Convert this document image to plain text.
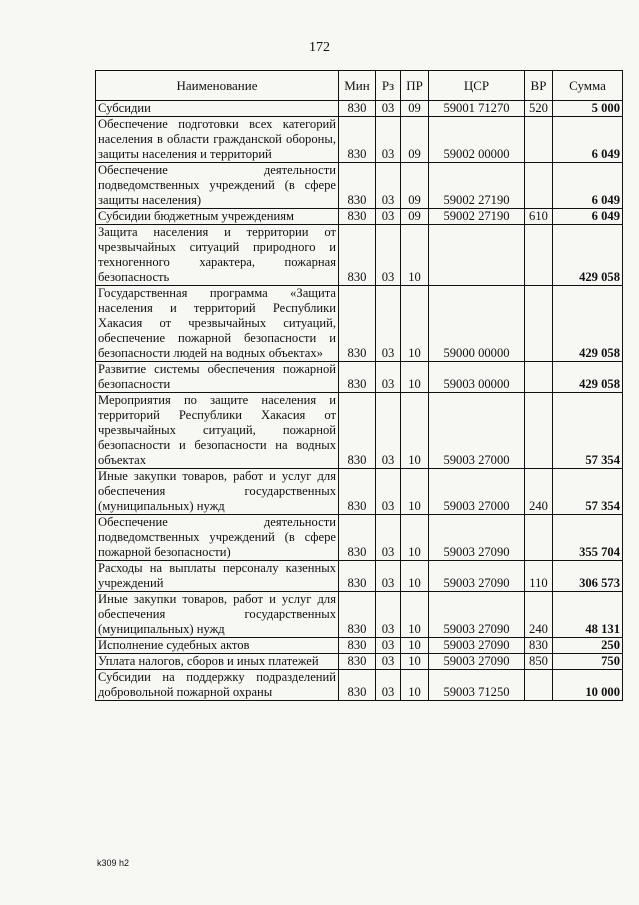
172
Наименование	Мин	Рз	ПР	ЦСР	ВР	Сумма
Субсидии	830	03	09	59001 71270	520	5 000
Обеспечение подготовки всех категорий населения в области гражданской обороны, защиты населения и территорий	830	03	09	59002 00000		6 049
Обеспечение деятельности подведомственных учреждений (в сфере защиты населения)	830	03	09	59002 27190		6 049
Субсидии бюджетным учреждениям	830	03	09	59002 27190	610	6 049
Защита населения и территории от чрезвычайных ситуаций природного и техногенного характера, пожарная безопасность	830	03	10			429 058
Государственная программа «Защита населения и территорий Республики Хакасия от чрезвычайных ситуаций, обеспечение пожарной безопасности и безопасности людей на водных объектах»	830	03	10	59000 00000		429 058
Развитие системы обеспечения пожарной безопасности	830	03	10	59003 00000		429 058
Мероприятия по защите населения и территорий Республики Хакасия от чрезвычайных ситуаций, пожарной безопасности и безопасности на водных объектах	830	03	10	59003 27000		57 354
Иные закупки товаров, работ и услуг для обеспечения государственных (муниципальных) нужд	830	03	10	59003 27000	240	57 354
Обеспечение деятельности подведомственных учреждений (в сфере пожарной безопасности)	830	03	10	59003 27090		355 704
Расходы на выплаты персоналу казенных учреждений	830	03	10	59003 27090	110	306 573
Иные закупки товаров, работ и услуг для обеспечения государственных (муниципальных) нужд	830	03	10	59003 27090	240	48 131
Исполнение судебных актов	830	03	10	59003 27090	830	250
Уплата налогов, сборов и иных платежей	830	03	10	59003 27090	850	750
Субсидии на поддержку подразделений добровольной пожарной охраны	830	03	10	59003 71250		10 000
k309 h2
